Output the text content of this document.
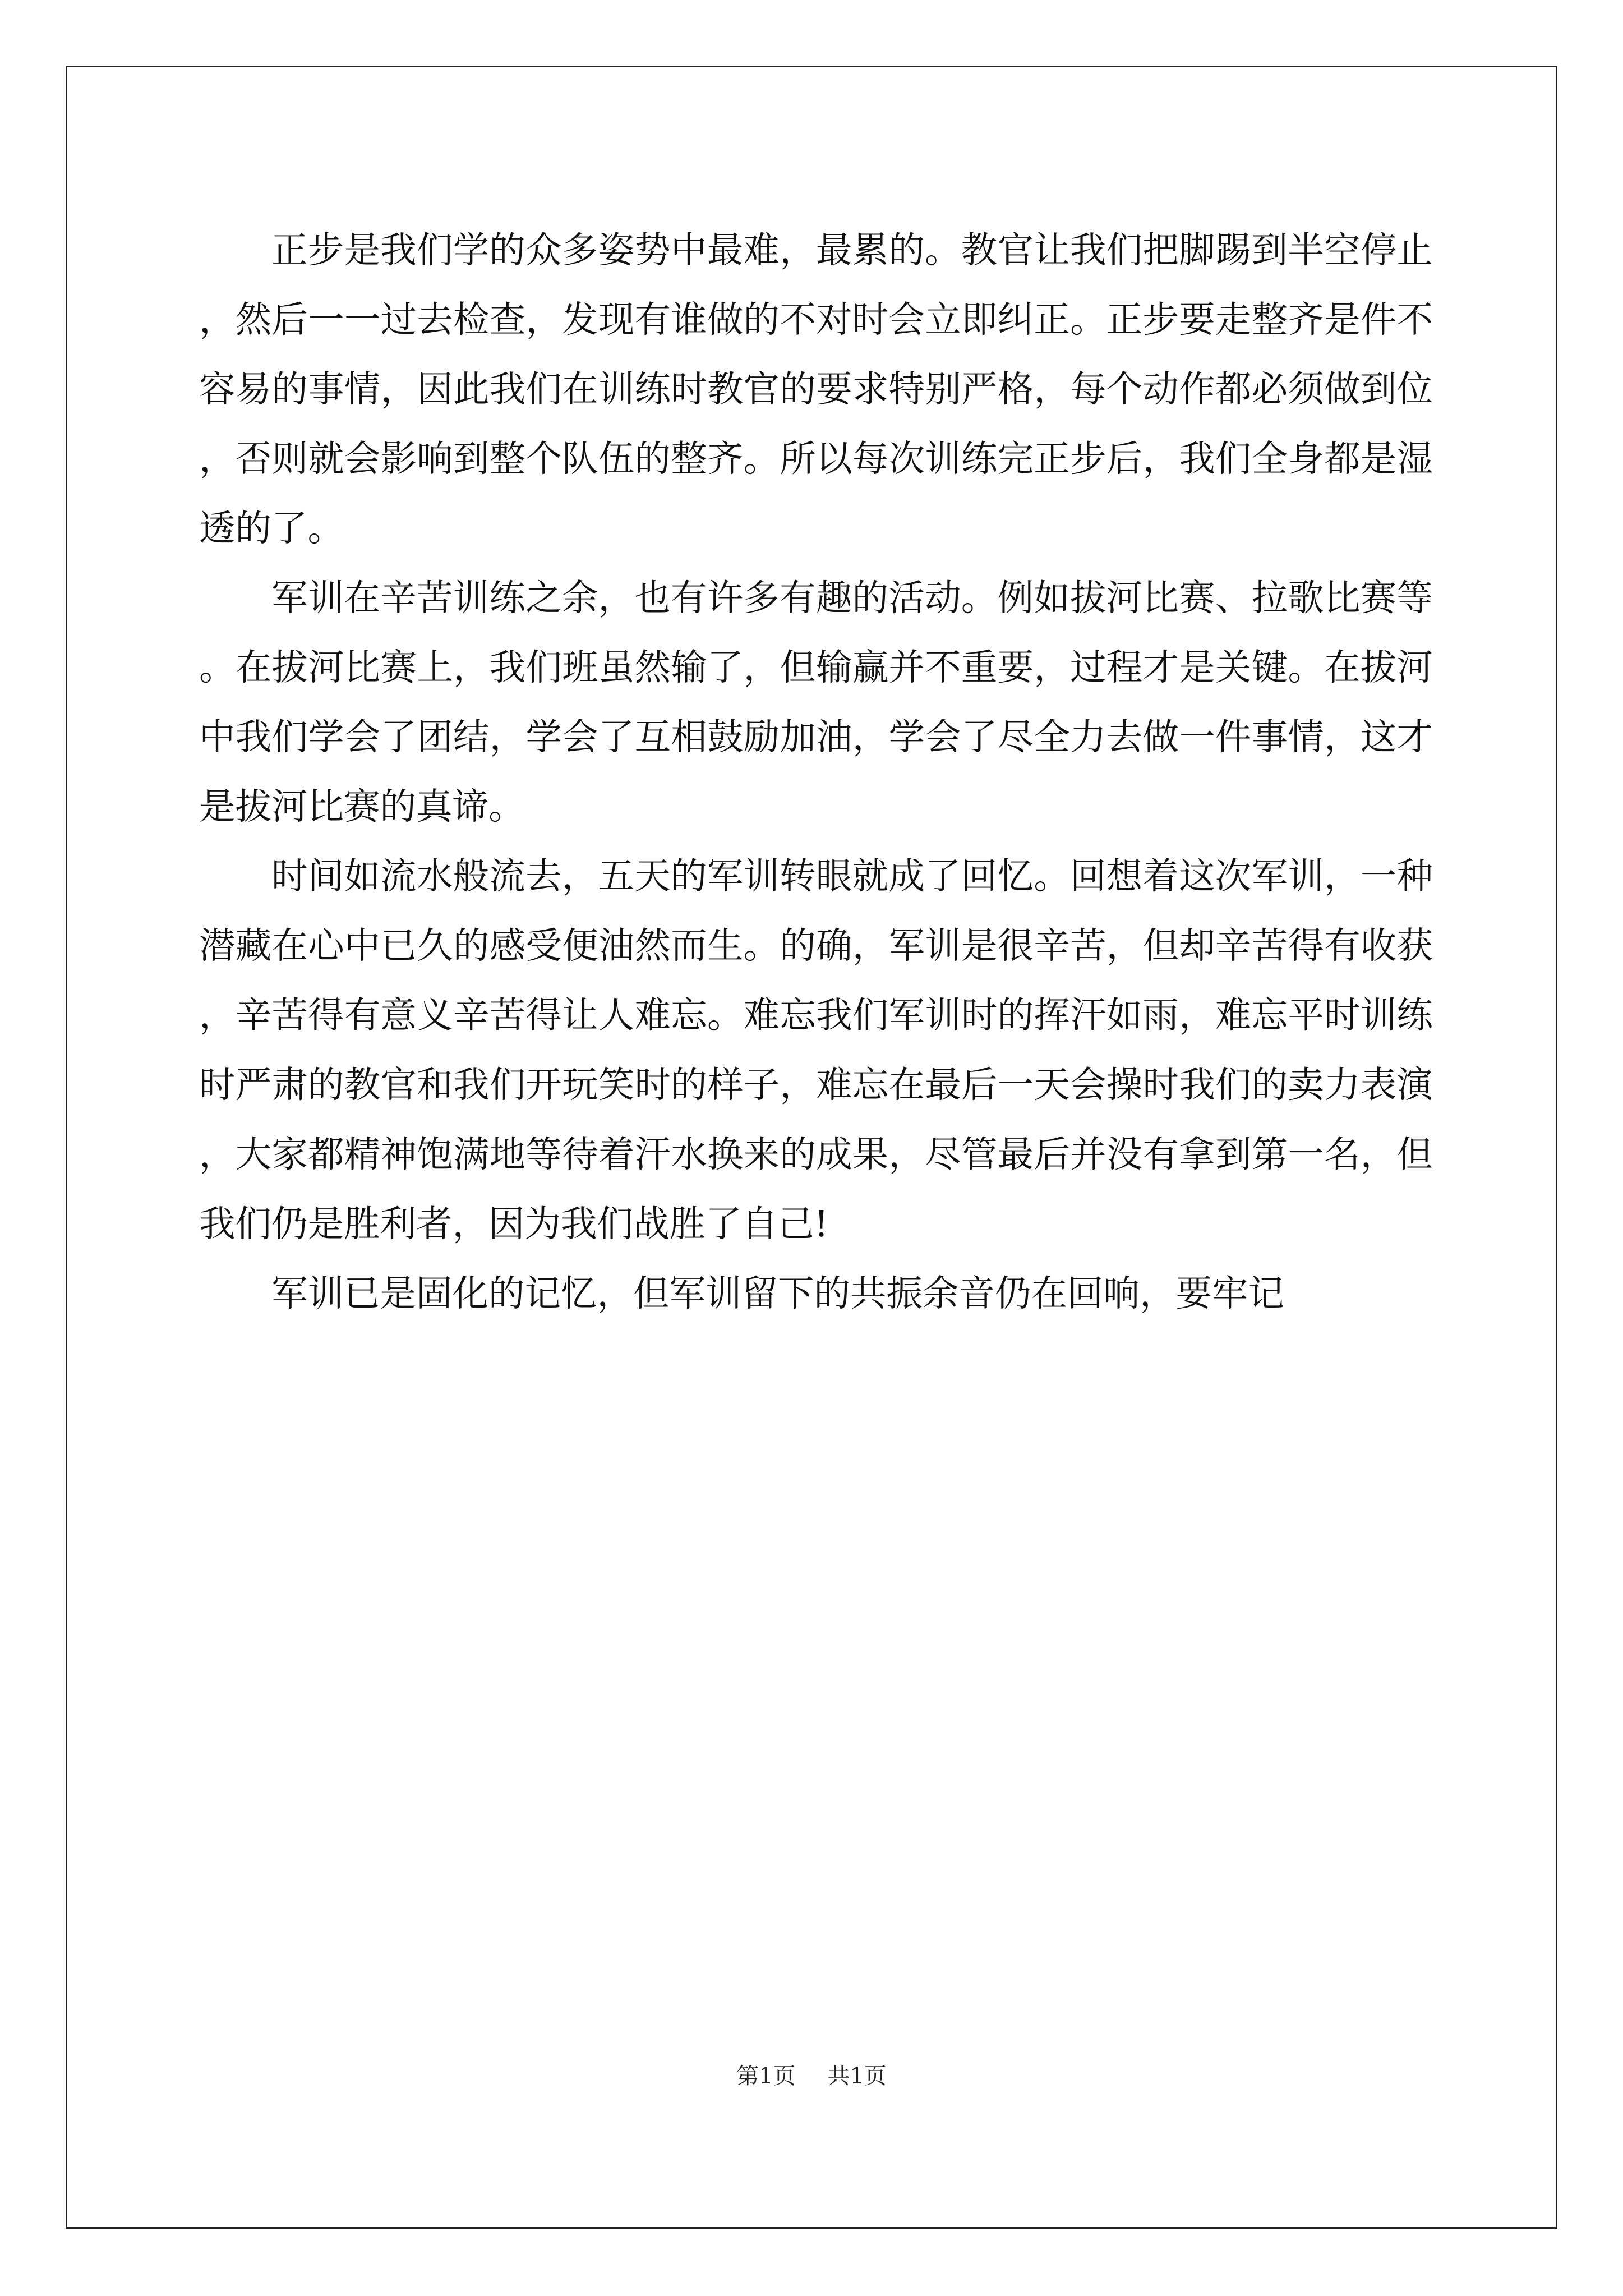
正步是我们学的众多姿势中最难，最累的。教官让我们把脚踢到半空停止，然后一一过去检查，发现有谁做的不对时会立即纠正。正步要走整齐是件不容易的事情，因此我们在训练时教官的要求特别严格，每个动作都必须做到位，否则就会影响到整个队伍的整齐。所以每次训练完正步后，我们全身都是湿透的了。

军训在辛苦训练之余，也有许多有趣的活动。例如拔河比赛、拉歌比赛等。在拔河比赛上，我们班虽然输了，但输赢并不重要，过程才是关键。在拔河中我们学会了团结，学会了互相鼓励加油，学会了尽全力去做一件事情，这才是拔河比赛的真谛。

时间如流水般流去，五天的军训转眼就成了回忆。回想着这次军训，一种潜藏在心中已久的感受便油然而生。的确，军训是很辛苦，但却辛苦得有收获，辛苦得有意义辛苦得让人难忘。难忘我们军训时的挥汗如雨，难忘平时训练时严肃的教官和我们开玩笑时的样子，难忘在最后一天会操时我们的卖力表演，大家都精神饱满地等待着汗水换来的成果，尽管最后并没有拿到第一名，但我们仍是胜利者，因为我们战胜了自己!

军训已是固化的记忆，但军训留下的共振余音仍在回响，要牢记

第1页 共1页
